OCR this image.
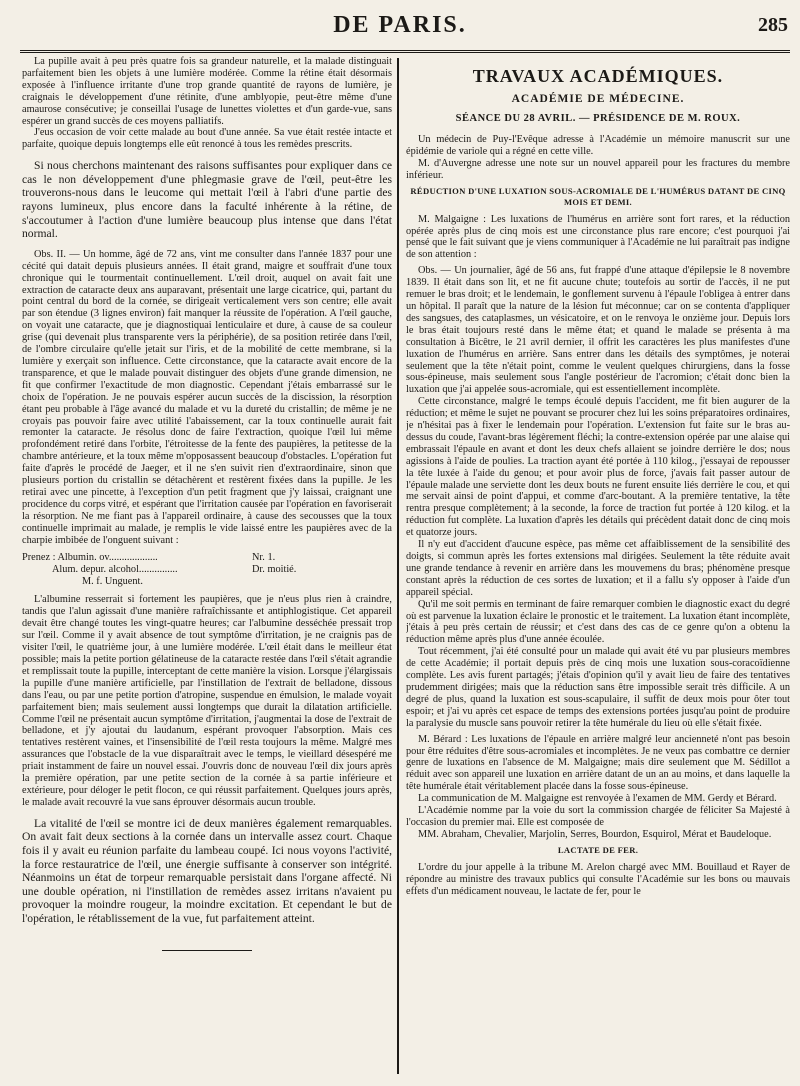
DE PARIS.	285

La pupille avait à peu près quatre fois sa grandeur naturelle, et la malade distinguait parfaitement bien les objets à une lumière modérée. Comme la rétine était désormais exposée à l'influence irritante d'une trop grande quantité de rayons de lumière, je craignais le développement d'une rétinite, d'une amblyopie, peut-être même d'une amaurose consécutive; je conseillai l'usage de lunettes violettes et d'un garde-vue, sans espérer un grand succès de ces moyens palliatifs.

J'eus occasion de voir cette malade au bout d'une année. Sa vue était restée intacte et parfaite, quoique depuis longtemps elle eût renoncé à tous les remèdes prescrits.

Si nous cherchons maintenant des raisons suffisantes pour expliquer dans ce cas le non développement d'une phlegmasie grave de l'œil, peut-être les trouverons-nous dans le leucome qui mettait l'œil à l'abri d'une partie des rayons lumineux, plus encore dans la faculté inhérente à la rétine, de s'accoutumer à l'action d'une lumière beaucoup plus intense que dans l'état normal.

Obs. II. — Un homme, âgé de 72 ans, vint me consulter dans l'année 1837 pour une cécité qui datait depuis plusieurs années. Il était grand, maigre et souffrait d'une toux chronique qui le tourmentait continuellement. L'œil droit, auquel on avait fait une extraction de cataracte deux ans auparavant, présentait une large cicatrice, qui, partant du point central du bord de la cornée, se dirigeait verticalement vers son centre; elle avait par son étendue (3 lignes environ) fait manquer la réussite de l'opération. A l'œil gauche, on voyait une cataracte, que je diagnostiquai lenticulaire et dure, à cause de sa couleur grise (qui devenait plus transparente vers la périphérie), de sa position retirée dans l'œil, de l'ombre circulaire qu'elle jetait sur l'iris, et de la mobilité de cette membrane, si la lumière y exerçait son influence. Cette circonstance, que la cataracte avait encore de la transparence, et que le malade pouvait distinguer des objets d'une grande dimension, ne fit que confirmer l'exactitude de mon diagnostic. Cependant j'étais embarrassé sur le choix de l'opération. Je ne pouvais espérer aucun succès de la discission, la résorption étant peu probable à l'âge avancé du malade et vu la dureté du cristallin; de même je ne croyais pas pouvoir faire avec utilité l'abaissement, car la toux continuelle aurait fait remonter la cataracte. Je résolus donc de faire l'extraction, quoique l'œil lui même profondément retiré dans l'orbite, l'étroitesse de la fente des paupières, la petitesse de la chambre antérieure, et la toux même m'opposassent beaucoup d'obstacles. L'opération fut faite d'après le procédé de Jaeger, et il ne s'en suivit rien d'extraordinaire, sinon que plusieurs portion du cristallin se détachèrent et restèrent fixées dans la pupille. Je les retirai avec une pincette, à l'exception d'un petit fragment que j'y laissai, craignant une procidence du corps vitré, et espérant que l'irritation causée par l'opération en favoriserait la résorption. Ne me fiant pas à l'appareil ordinaire, à cause des secousses que la toux continuelle imprimait au malade, je remplis le vide laissé entre les paupières avec de la charpie imbibée de l'onguent suivant :

Prenez : Albumin. ov...................	Nr. 1.
Alum. depur. alcohol...............	Dr. moitié.
M. f. Unguent.

L'albumine resserrait si fortement les paupières, que je n'eus plus rien à craindre, tandis que l'alun agissait d'une manière rafraîchissante et antiphlogistique. Cet appareil devait être changé toutes les vingt-quatre heures; car l'albumine desséchée pressait trop sur l'œil. Comme il y avait absence de tout symptôme d'irritation, je ne craignis pas de visiter l'œil, le quatrième jour, à une lumière modérée. L'œil était dans le meilleur état possible; mais la petite portion gélatineuse de la cataracte restée dans l'œil s'était agrandie et remplissait toute la pupille, interceptant de cette manière la vision. Lorsque j'élargissais la pupille d'une manière artificielle, par l'instillation de l'extrait de belladone, dissous dans l'eau, ou par une petite portion d'atropine, suspendue en émulsion, le malade voyait parfaitement bien; mais seulement aussi longtemps que durait la dilatation artificielle. Comme l'œil ne présentait aucun symptôme d'irritation, j'augmentai la dose de l'extrait de belladone, et j'y ajoutai du laudanum, espérant provoquer l'absorption. Mais ces tentatives restèrent vaines, et l'insensibilité de l'œil resta toujours la même. Malgré mes assurances que l'obstacle de la vue disparaîtrait avec le temps, le vieillard désespéré me priait instamment de faire un nouvel essai. J'ouvris donc de nouveau l'œil dix jours après la première opération, par une petite section de la cornée à sa partie inférieure et extérieure, pour déloger le petit flocon, ce qui réussit parfaitement. Quelques jours après, le malade avait recouvré la vue sans éprouver désormais aucun trouble.

La vitalité de l'œil se montre ici de deux manières également remarquables. On avait fait deux sections à la cornée dans un intervalle assez court. Chaque fois il y avait eu réunion parfaite du lambeau coupé. Ici nous voyons l'activité, la force restauratrice de l'œil, une énergie suffisante à conserver son intégrité. Néanmoins un état de torpeur remarquable persistait dans l'organe affecté. Ni une double opération, ni l'instillation de remèdes assez irritans n'avaient pu provoquer la moindre rougeur, la moindre excitation. Et cependant le but de l'opération, le rétablissement de la vue, fut parfaitement atteint.

TRAVAUX ACADÉMIQUES.
ACADÉMIE DE MÉDECINE.
SÉANCE DU 28 AVRIL. — PRÉSIDENCE DE M. ROUX.

Un médecin de Puy-l'Evêque adresse à l'Académie un mémoire manuscrit sur une épidémie de variole qui a régné en cette ville.

M. d'Auvergne adresse une note sur un nouvel appareil pour les fractures du membre inférieur.

RÉDUCTION D'UNE LUXATION SOUS-ACROMIALE DE L'HUMÉRUS DATANT DE CINQ MOIS ET DEMI.

M. Malgaigne : Les luxations de l'humérus en arrière sont fort rares, et la réduction opérée après plus de cinq mois est une circonstance plus rare encore; c'est pourquoi j'ai pensé que le fait suivant que je viens communiquer à l'Académie ne lui paraîtrait pas indigne de son attention :

Obs. — Un journalier, âgé de 56 ans, fut frappé d'une attaque d'épilepsie le 8 novembre 1839. Il était dans son lit, et ne fit aucune chute; toutefois au sortir de l'accès, il ne put remuer le bras droit; et le lendemain, le gonflement survenu à l'épaule l'obligea à entrer dans un hôpital. Il paraît que la nature de la lésion fut méconnue; car on se contenta d'appliquer des sangsues, des cataplasmes, un vésicatoire, et on le renvoya le onzième jour. Depuis lors le bras était toujours resté dans le même état; et quand le malade se présenta à ma consultation à Bicêtre, le 21 avril dernier, il offrit les caractères les plus manifestes d'une luxation de l'humérus en arrière. Sans entrer dans les détails des symptômes, je noterai seulement que la tête n'était point, comme le veulent quelques chirurgiens, dans la fosse sous-épineuse, mais seulement sous l'angle postérieur de l'acromion; c'était donc bien la luxation que j'ai appelée sous-acromiale, qui est essentiellement incomplète.

Cette circonstance, malgré le temps écoulé depuis l'accident, me fit bien augurer de la réduction; et même le sujet ne pouvant se procurer chez lui les soins préparatoires ordinaires, je n'hésitai pas à fixer le lendemain pour l'opération. L'extension fut faite sur le bras au-dessus du coude, l'avant-bras légèrement fléchi; la contre-extension opérée par une alaise qui embrassait l'épaule en avant et dont les deux chefs allaient se joindre derrière le dos; nous agissions à l'aide de poulies. La traction ayant été portée à 110 kilog., j'essayai de repousser la tête luxée à l'aide du genou; et pour avoir plus de force, j'avais fait passer autour de l'épaule malade une serviette dont les deux bouts ne furent ensuite liés derrière le cou, et qui me servait ainsi de point d'appui, et comme d'arc-boutant. A la première tentative, la tête rentra presque complètement; à la seconde, la force de traction fut portée à 120 kilog. et la réduction fut complète. La luxation d'après les détails qui précèdent datait donc de cinq mois et quatorze jours.

Il n'y eut d'accident d'aucune espèce, pas même cet affaiblissement de la sensibilité des doigts, si commun après les fortes extensions mal dirigées. Seulement la tête réduite avait une grande tendance à revenir en arrière dans les mouvemens du bras; phénomène presque constant après la réduction de ces sortes de luxation; et il a fallu s'y opposer à l'aide d'un appareil spécial.

Qu'il me soit permis en terminant de faire remarquer combien le diagnostic exact du degré où est parvenue la luxation éclaire le pronostic et le traitement. La luxation étant incomplète, j'étais à peu près certain de réussir; et c'est dans des cas de ce genre qu'on a obtenu la réduction même après plus d'une année écoulée.

Tout récemment, j'ai été consulté pour un malade qui avait été vu par plusieurs membres de cette Académie; il portait depuis près de cinq mois une luxation sous-coracoïdienne complète. Les avis furent partagés; j'étais d'opinion qu'il y avait lieu de faire des tentatives prudemment dirigées; mais que la réduction sans être impossible serait très difficile. A un degré de plus, quand la luxation est sous-scapulaire, il suffit de deux mois pour ôter tout espoir; et j'ai vu après cet espace de temps des extensions portées jusqu'au point de produire la paralysie du muscle sans pouvoir retirer la tête humérale du lieu où elle s'était fixée.

M. Bérard : Les luxations de l'épaule en arrière malgré leur ancienneté n'ont pas besoin pour être réduites d'être sous-acromiales et incomplètes. Je ne veux pas combattre ce dernier genre de luxations en l'absence de M. Malgaigne; mais dire seulement que M. Sédillot a réduit avec son appareil une luxation en arrière datant de un an au moins, et dans laquelle la tête humérale était véritablement placée dans la fosse sous-épineuse.

La communication de M. Malgaigne est renvoyée à l'examen de MM. Gerdy et Bérard.

L'Académie nomme par la voie du sort la commission chargée de féliciter Sa Majesté à l'occasion du premier mai. Elle est composée de

MM. Abraham, Chevalier, Marjolin, Serres, Bourdon, Esquirol, Mérat et Baudeloque.

LACTATE DE FER.

L'ordre du jour appelle à la tribune M. Arelon chargé avec MM. Bouillaud et Rayer de répondre au ministre des travaux publics qui consulte l'Académie sur les bons ou mauvais effets d'un médicament nouveau, le lactate de fer, pour le
